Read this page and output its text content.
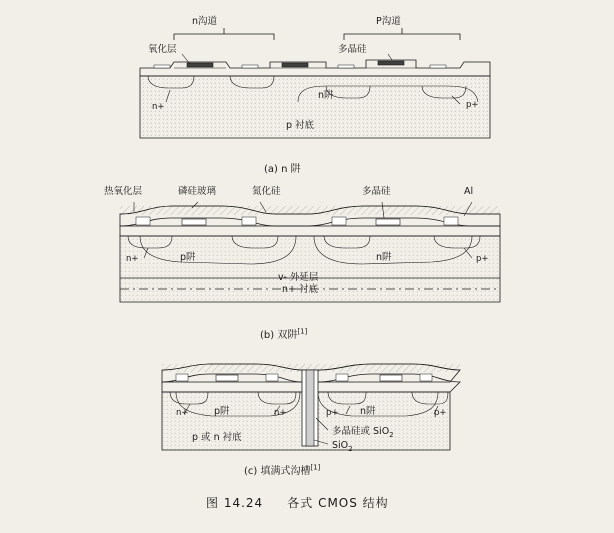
氧化层	多晶硅
n+
n阱
p+
p 衬底
n沟道	P沟道
(a) n 阱
热氧化层	磷硅玻璃	氮化硅	多晶硅	Al
n+	p阱	n阱	p+
v- 外延层
n+ 衬底
(b) 双阱[1]
n+	p阱	n+	p+ n阱	p+
p 或 n 衬底
多晶硅或 SiO$_2$
SiO$_2$
(c) 填满式沟槽[1]
图 14.24 各式 CMOS 结构
